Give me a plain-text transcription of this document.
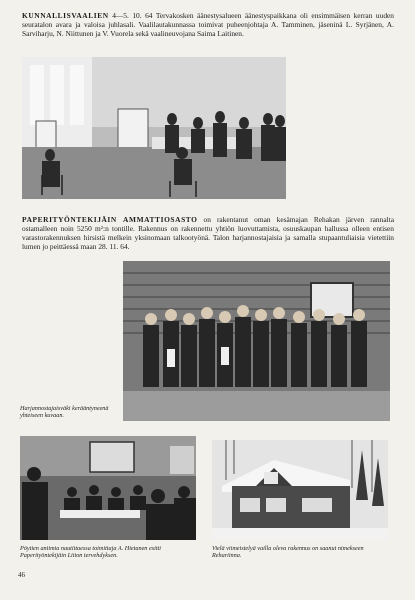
KUNNALLISVAALIEN 4—5. 10. 64 Tervakosken äänestysalueen äänestyspaikkana oli ensimmäisen kerran uuden seuratalon avara ja valoisa juhlasali. Vaalilautakunnassa toimivat puheenjohtaja A. Tamminen, jäseninä L. Syrjänen, A. Sarviharju, N. Niittunen ja V. Vuorela sekä vaalineuvojana Saima Laitinen.

PAPERITYÖNTEKIJÄIN AMMATTIOSASTO on rakentanut oman kesämajan Rehakan järven rannalta ostamalleen noin 5250 m²:n tontille. Rakennus on rakennettu yhtiön luovuttamista, osuuskaupan hallussa olleen entisen varastorakennuksen hirsistä melkein yksinomaan talkootyönä. Talon harjannostajaisia ja samalla stupaantuliaisia vietettiin lumen jo peittäessä maan 28. 11. 64.

Harjannostajaisväki kerääntyneenä yhteiseen kuvaan.

Pöytien antimia nautittaessa toimittaja A. Hietanen esitti Paperityöntekijäin Liiton tervehdyksen.

Vielä viimeistelyä vailla oleva rakennus on saanut nimekseen Rehariinna.

46
